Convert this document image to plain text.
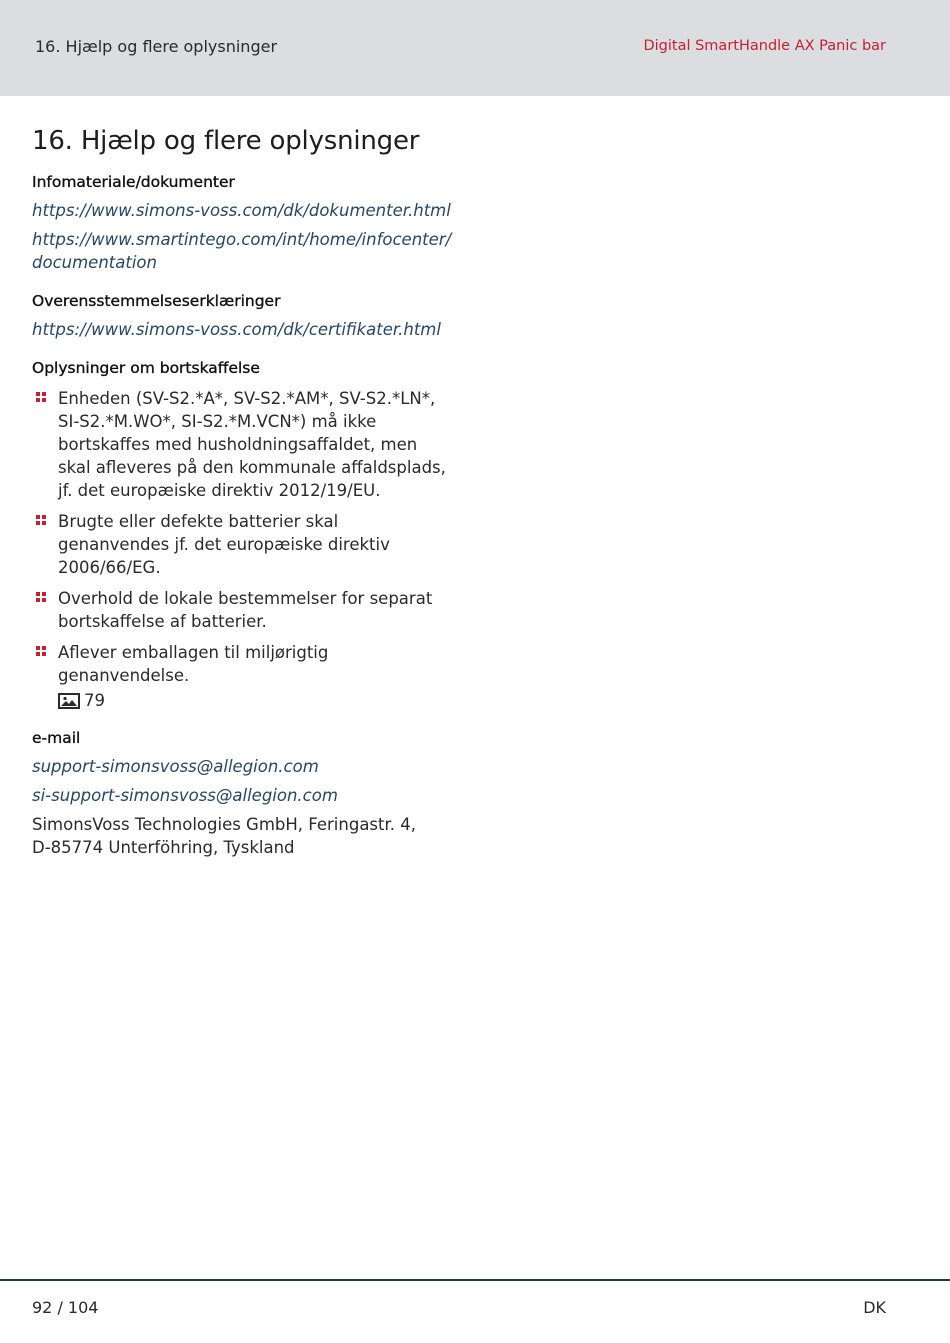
16. Hjælp og flere oplysninger	Digital SmartHandle AX Panic bar
16. Hjælp og flere oplysninger
Infomateriale/dokumenter
https://www.simons-voss.com/dk/dokumenter.html
https://www.smartintego.com/int/home/infocenter/
documentation
Overensstemmelseserklæringer
https://www.simons-voss.com/dk/certifikater.html
Oplysninger om bortskaffelse
Enheden (SV-S2.*A*, SV-S2.*AM*, SV-S2.*LN*, SI-S2.*M.WO*, SI-S2.*M.VCN*) må ikke bortskaffes med husholdningsaffaldet, men skal afleveres på den kommunale affaldsplads, jf. det europæiske direktiv 2012/19/EU.
Brugte eller defekte batterier skal genanvendes jf. det europæiske direktiv 2006/66/EG.
Overhold de lokale bestemmelser for separat bortskaffelse af batterier.
Aflever emballagen til miljørigtig genanvendelse.

79
e-mail
support-simonsvoss@allegion.com
si-support-simonsvoss@allegion.com
SimonsVoss Technologies GmbH, Feringastr. 4,
D-85774 Unterföhring, Tyskland
92 / 104	DK
